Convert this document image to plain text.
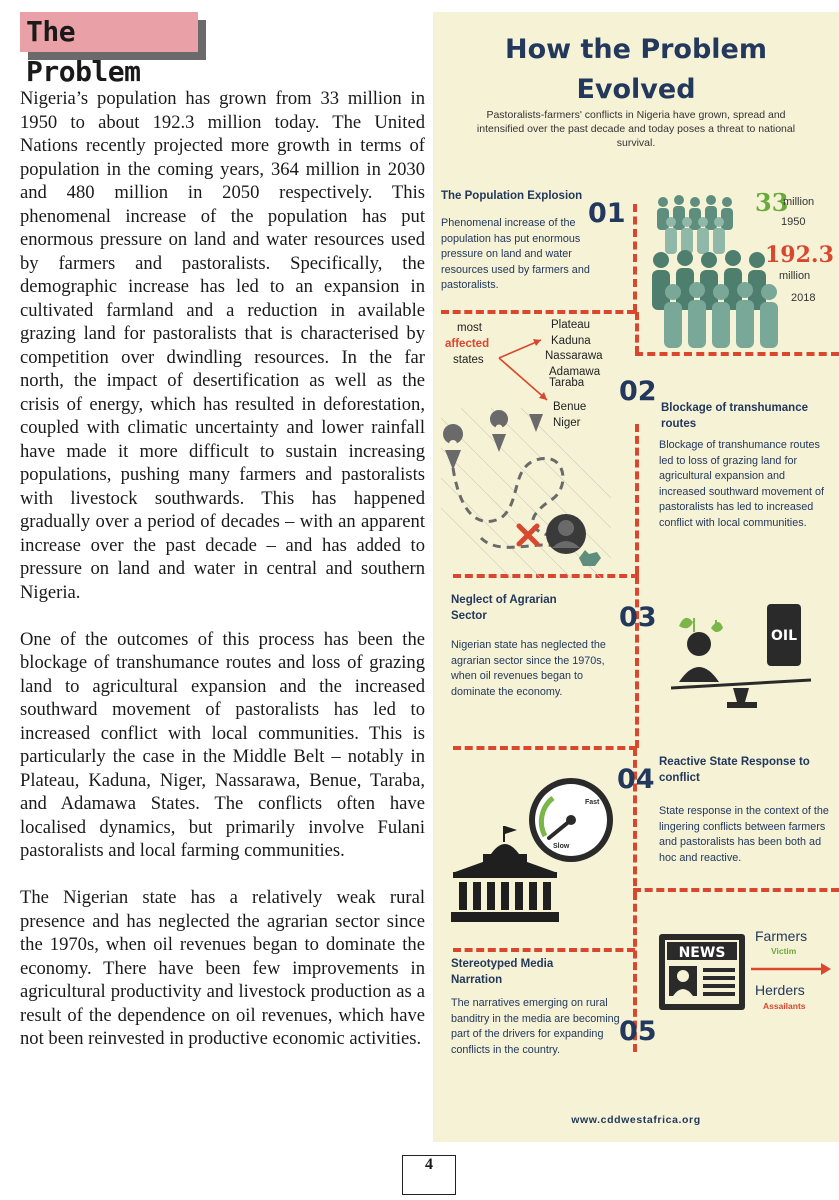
The Problem

Nigeria’s population has grown from 33 million in 1950 to about 192.3 million today. The United Nations recently projected more growth in terms of population in the coming years, 364 million in 2030 and 480 million in 2050 respectively. This phenomenal increase of the population has put enormous pressure on land and water resources used by farmers and pastoralists. Specifically, the demographic increase has led to an expansion in cultivated farmland and a reduction in available grazing land for pastoralists that is characterised by competition over dwindling resources. In the far north, the impact of desertification as well as the crisis of energy, which has resulted in deforestation, coupled with climatic uncertainty and lower rainfall have made it more difficult to sustain increasing populations, pushing many farmers and pastoralists with livestock southwards. This has happened gradually over a period of decades – with an apparent increase over the past decade – and has added to pressure on land and water in central and southern Nigeria.

One of the outcomes of this process has been the blockage of transhumance routes and loss of grazing land to agricultural expansion and the increased southward movement of pastoralists has led to increased conflict with local communities. This is particularly the case in the Middle Belt – notably in Plateau, Kaduna, Niger, Nassarawa, Benue, Taraba, and Adamawa States. The conflicts often have localised dynamics, but primarily involve Fulani pastoralists and local farming communities.

The Nigerian state has a relatively weak rural presence and has neglected the agrarian sector since the 1970s, when oil revenues began to dominate the economy. There have been few improvements in agricultural productivity and livestock production as a result of the dependence on oil revenues, which have not been reinvested in productive economic activities.

How the Problem
Evolved
Pastoralists-farmers' conflicts in Nigeria have grown, spread and intensified over the past decade and today poses a threat to national survival.
The Population Explosion
01
Phenomenal increase of the population has put enormous pressure on land and water resources used by farmers and pastoralists.
33
million
1950
192.3
million
2018
most
affected
states
Plateau
Kaduna
Nassarawa
Adamawa
Taraba
Benue
Niger
02
Blockage of transhumance
routes
Blockage of transhumance routes led to loss of grazing land for agricultural expansion and increased southward movement of pastoralists has led to increased conflict with local communities.
Neglect of Agrarian
Sector	03
Nigerian state has neglected the agrarian sector since the 1970s, when oil revenues began to dominate the economy.
OIL
Reactive State Response to
conflict
04
State response in the context of the lingering conflicts between farmers and pastoralists has been both ad hoc and reactive.
Fast
Slow
Stereotyped Media
Narration
The narratives emerging on rural banditry in the media are becoming part of the drivers for expanding conflicts in the country.
05
NEWS
Farmers
Victim
Herders
Assailants
www.cddwestafrica.org
4
